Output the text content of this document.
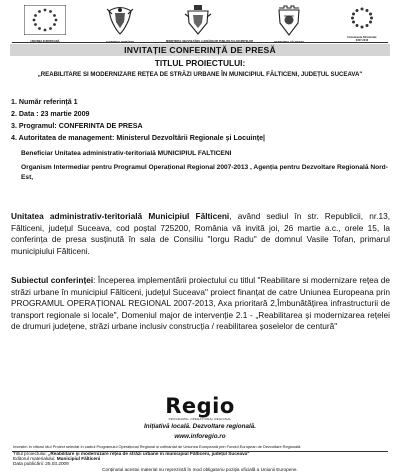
Instrumente Structurale
2007-2013
INVITAȚIE CONFERINȚĂ DE PRESĂ
TITLUL PROIECTULUI:
„REABILITARE SI MODERNIZARE REȚEA DE STRĂZI URBANE ÎN MUNICIPIUL FĂLTICENI, JUDEȚUL SUCEAVA"
1. Număr referință 1
2. Data : 23 martie 2009
3. Programul: CONFERINTA DE PRESA
4. Autoritatea de management: Ministerul Dezvoltării Regionale și Locuințe|
Beneficiar Unitatea administrativ-teritorială MUNICIPIUL FALTICENI
Organism Intermediar pentru Programul Operațional Regional 2007-2013 , Agenția pentru Dezvoltare Regională Nord-Est,
Unitatea administrativ-teritorială Municipiul Fălticeni, având sediul în str. Republicii, nr.13, Fălticeni, județul Suceava, cod poștal 725200, România vă invită joi, 26 martie a.c., orele 15, la conferința de presa susținută în sala de Consiliu "Iorgu Radu" de domnul Vasile Tofan, primarul municipiului Fălticeni.
Subiectul conferinței: Începerea implementării proiectului cu titlul "Reabilitare si modernizare rețea de străzi urbane în municipiul Fălticeni, județul Suceava" proiect finanțat de catre Uniunea Europeana prin PROGRAMUL OPERAȚIONAL REGIONAL 2007-2013, Axa prioritară 2,Îmbunătățirea infrastructurii de transport regionale si locale", Domeniul major de intervenție 2.1 - „Reabilitarea și modernizarea rețelei de drumuri județene, străzi urbane inclusiv construcția / reabilitarea șoselelor de centură"
Regio
PROGRAMUL OPERAȚIONAL REGIONAL
Inițiativă locală. Dezvoltare regională.
www.inforegio.ro
Investim în viitorul tău! Proiect selectat în cadrul Programului Operațional Regional și cofinanțat de Uniunea Europeană prin Fondul European de Dezvoltare Regională.
Titlul proiectului: „Reabilitare și modernizare rețea de străzi urbane în municipiul Fălticeni, județul Suceava"
Editorul materialului: Municipiul Fălticeni
Data publicării: 25.03.2009
Conținutul acestui material nu reprezintă în mod obligatoriu poziția oficială a Uniunii Europene.
